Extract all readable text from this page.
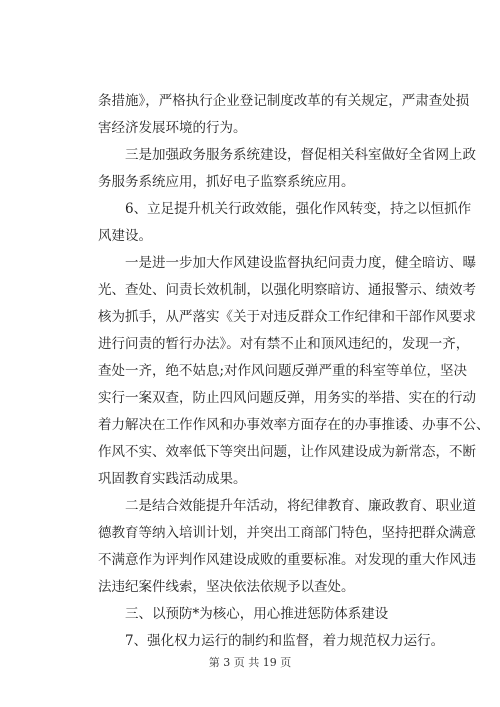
条措施》，严格执行企业登记制度改革的有关规定，严肃查处损
害经济发展环境的行为。
三是加强政务服务系统建设，督促相关科室做好全省网上政
务服务系统应用，抓好电子监察系统应用。
6、立足提升机关行政效能，强化作风转变，持之以恒抓作
风建设。
一是进一步加大作风建设监督执纪问责力度，健全暗访、曝
光、查处、问责长效机制，以强化明察暗访、通报警示、绩效考
核为抓手，从严落实《关于对违反群众工作纪律和干部作风要求
进行问责的暂行办法》。对有禁不止和顶风违纪的，发现一齐，
查处一齐，绝不姑息;对作风问题反弹严重的科室等单位，坚决
实行一案双查，防止四风问题反弹，用务实的举措、实在的行动
着力解决在工作作风和办事效率方面存在的办事推诿、办事不公、
作风不实、效率低下等突出问题，让作风建设成为新常态，不断
巩固教育实践活动成果。
二是结合效能提升年活动，将纪律教育、廉政教育、职业道
德教育等纳入培训计划，并突出工商部门特色，坚持把群众满意
不满意作为评判作风建设成败的重要标准。对发现的重大作风违
法违纪案件线索，坚决依法依规予以查处。
三、以预防*为核心，用心推进惩防体系建设
7、强化权力运行的制约和监督，着力规范权力运行。
第 3 页 共 19 页
